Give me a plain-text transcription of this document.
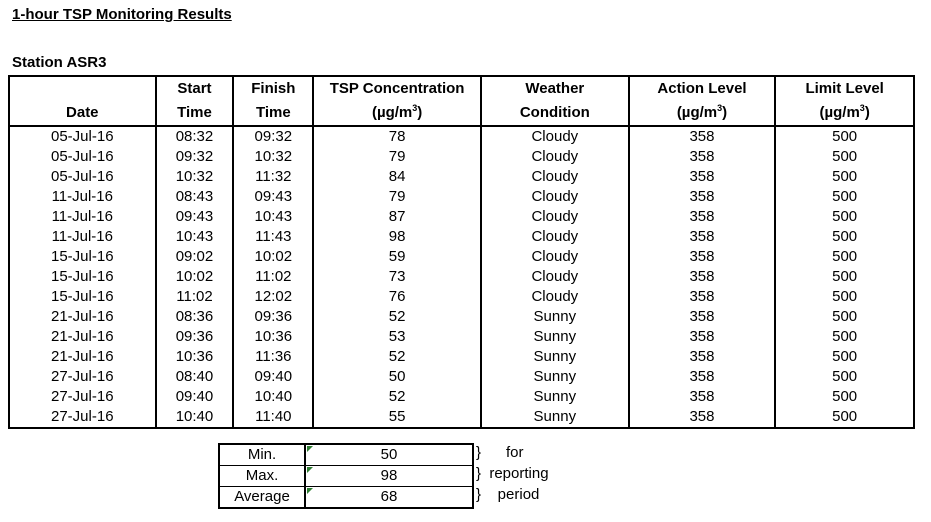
1-hour TSP Monitoring Results
Station ASR3
	Start	Finish	TSP Concentration	Weather	Action Level	Limit Level
Date	Time	Time	$(\mu g/m^3)$	Condition	$(\mu g/m^3)$	$(\mu g/m^3)$
05-Jul-16	08:32	09:32	78	Cloudy	358	500
05-Jul-16	09:32	10:32	79	Cloudy	358	500
05-Jul-16	10:32	11:32	84	Cloudy	358	500
11-Jul-16	08:43	09:43	79	Cloudy	358	500
11-Jul-16	09:43	10:43	87	Cloudy	358	500
11-Jul-16	10:43	11:43	98	Cloudy	358	500
15-Jul-16	09:02	10:02	59	Cloudy	358	500
15-Jul-16	10:02	11:02	73	Cloudy	358	500
15-Jul-16	11:02	12:02	76	Cloudy	358	500
21-Jul-16	08:36	09:36	52	Sunny	358	500
21-Jul-16	09:36	10:36	53	Sunny	358	500
21-Jul-16	10:36	11:36	52	Sunny	358	500
27-Jul-16	08:40	09:40	50	Sunny	358	500
27-Jul-16	09:40	10:40	52	Sunny	358	500
27-Jul-16	10:40	11:40	55	Sunny	358	500
Min.	50
Max.	98
Average	68
}      for
}  reporting
}    period
